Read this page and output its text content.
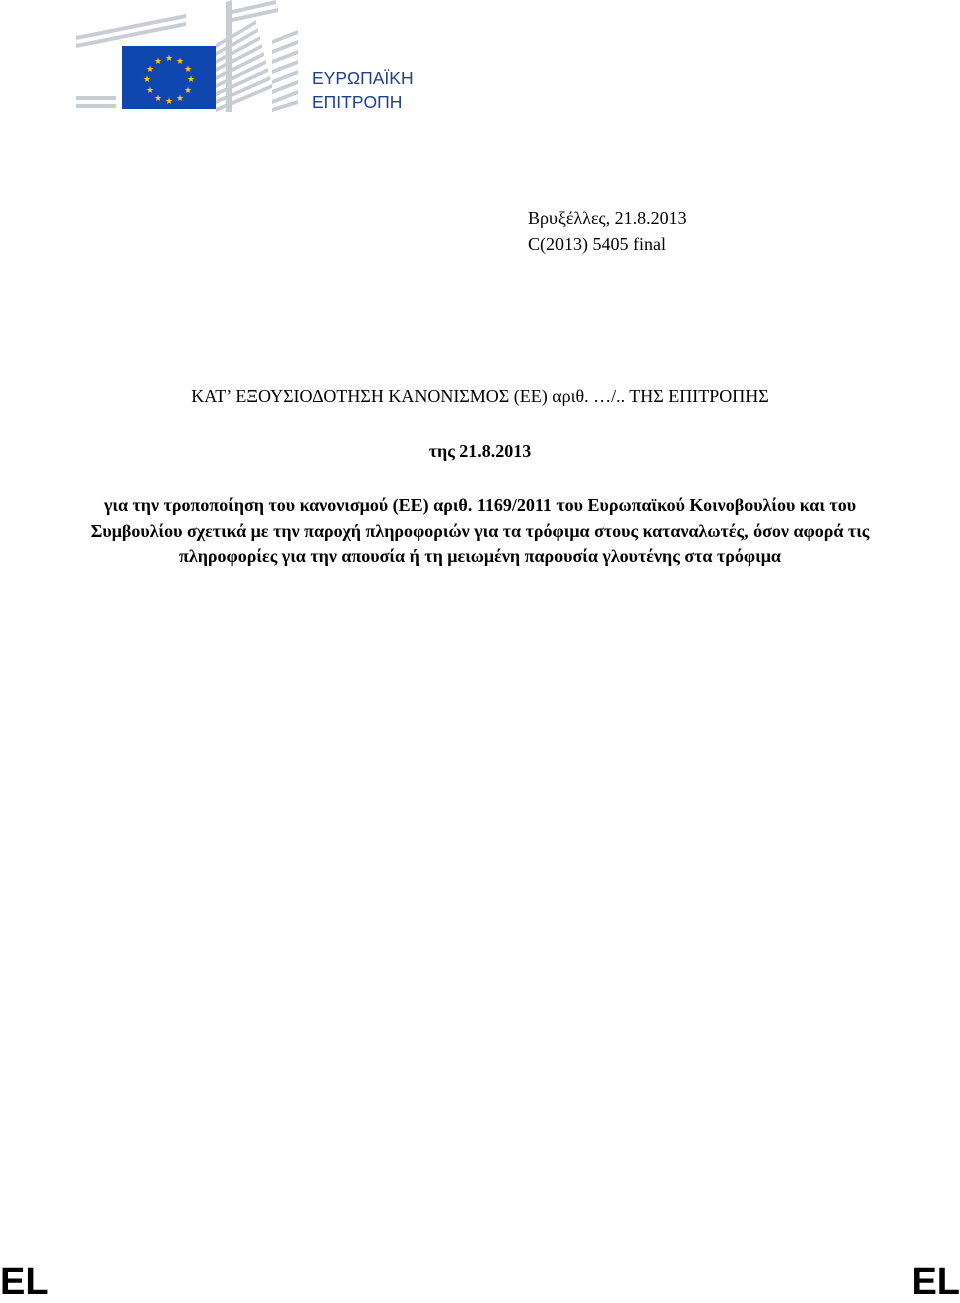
★ ★
★
★
★
★
★
★
★
★
★
★
ΕΥΡΩΠΑΪΚΗ
ΕΠΙΤΡΟΠΗ
Βρυξέλλες, 21.8.2013
C(2013) 5405 final
ΚΑΤ’ ΕΞΟΥΣΙΟΔΟΤΗΣΗ ΚΑΝΟΝΙΣΜΟΣ (ΕΕ) αριθ. …/.. ΤΗΣ ΕΠΙΤΡΟΠΗΣ
της 21.8.2013
για την τροποποίηση του κανονισμού (ΕΕ) αριθ. 1169/2011 του Ευρωπαϊκού Κοινοβουλίου και του Συμβουλίου σχετικά με την παροχή πληροφοριών για τα τρόφιμα στους καταναλωτές, όσον αφορά τις πληροφορίες για την απουσία ή τη μειωμένη παρουσία γλουτένης στα τρόφιμα
EL	EL
